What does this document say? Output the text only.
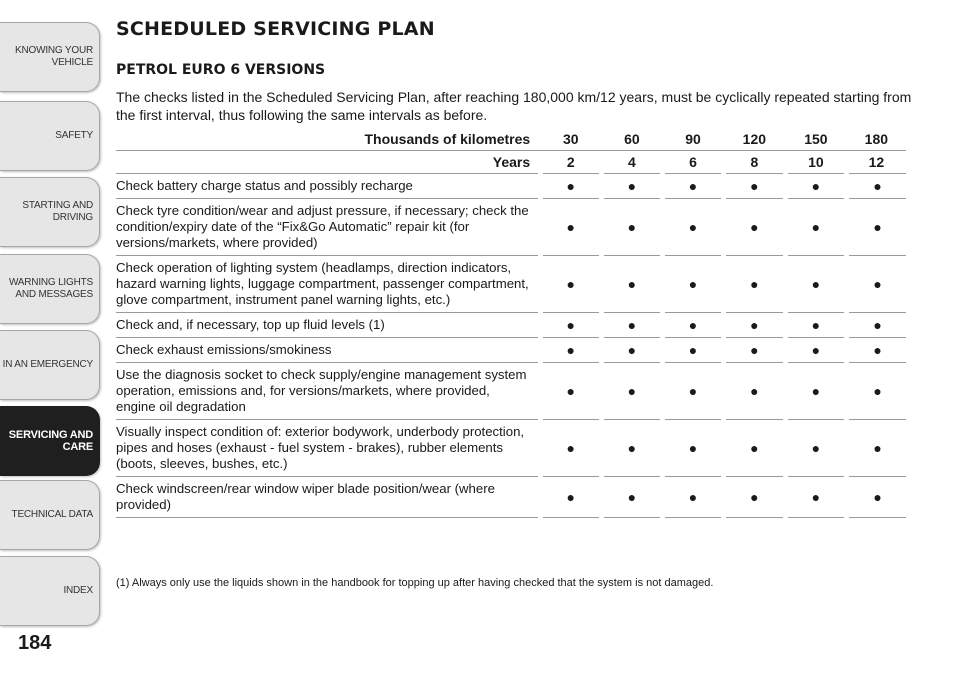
KNOWING YOUR VEHICLE
SAFETY
STARTING AND DRIVING
WARNING LIGHTS AND MESSAGES
IN AN EMERGENCY
SERVICING AND CARE
TECHNICAL DATA
INDEX
184
SCHEDULED SERVICING PLAN
PETROL EURO 6 VERSIONS
The checks listed in the Scheduled Servicing Plan, after reaching 180,000 km/12 years, must be cyclically repeated starting from the first interval, thus following the same intervals as before.
Thousands of kilometres	30	60	90	120	150	180
Years	2	4	6	8	10	12
Check battery charge status and possibly recharge	●	●	●	●	●	●
Check tyre condition/wear and adjust pressure, if necessary; check the condition/expiry date of the “Fix&Go Automatic” repair kit (for versions/markets, where provided)	●	●	●	●	●	●
Check operation of lighting system (headlamps, direction indicators, hazard warning lights, luggage compartment, passenger compartment, glove compartment, instrument panel warning lights, etc.)	●	●	●	●	●	●
Check and, if necessary, top up fluid levels (1)	●	●	●	●	●	●
Check exhaust emissions/smokiness	●	●	●	●	●	●
Use the diagnosis socket to check supply/engine management system operation, emissions and, for versions/markets, where provided, engine oil degradation	●	●	●	●	●	●
Visually inspect condition of: exterior bodywork, underbody protection, pipes and hoses (exhaust - fuel system - brakes), rubber elements (boots, sleeves, bushes, etc.)	●	●	●	●	●	●
Check windscreen/rear window wiper blade position/wear (where provided)	●	●	●	●	●	●
(1) Always only use the liquids shown in the handbook for topping up after having checked that the system is not damaged.
